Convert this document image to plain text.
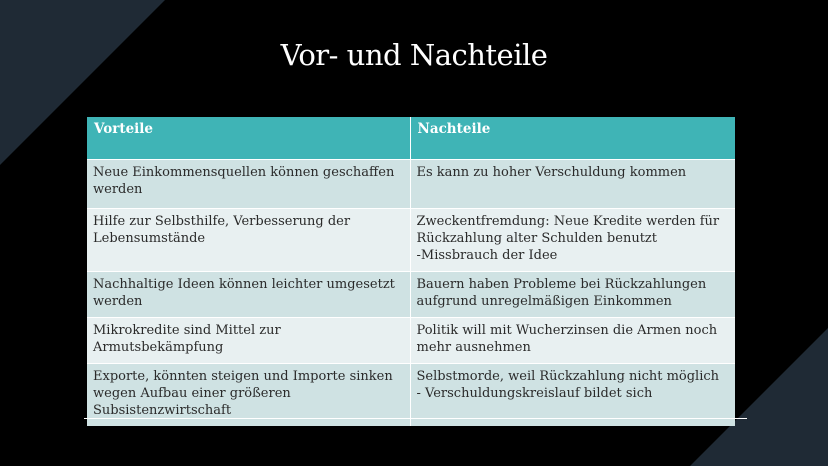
Vor- und Nachteile
Vorteile	Nachteile
Neue Einkommensquellen können geschaffen werden	Es kann zu hoher Verschuldung kommen
Hilfe zur Selbsthilfe, Verbesserung der Lebensumstände	Zweckentfremdung: Neue Kredite werden für Rückzahlung alter Schulden benutzt
-Missbrauch der Idee
Nachhaltige Ideen können leichter umgesetzt werden	Bauern haben Probleme bei Rückzahlungen aufgrund unregelmäßigen Einkommen
Mikrokredite sind Mittel zur Armutsbekämpfung	Politik will mit Wucherzinsen die Armen noch mehr ausnehmen
Exporte, könnten steigen und Importe sinken wegen Aufbau einer größeren Subsistenzwirtschaft	Selbstmorde, weil Rückzahlung nicht möglich
- Verschuldungskreislauf bildet sich
